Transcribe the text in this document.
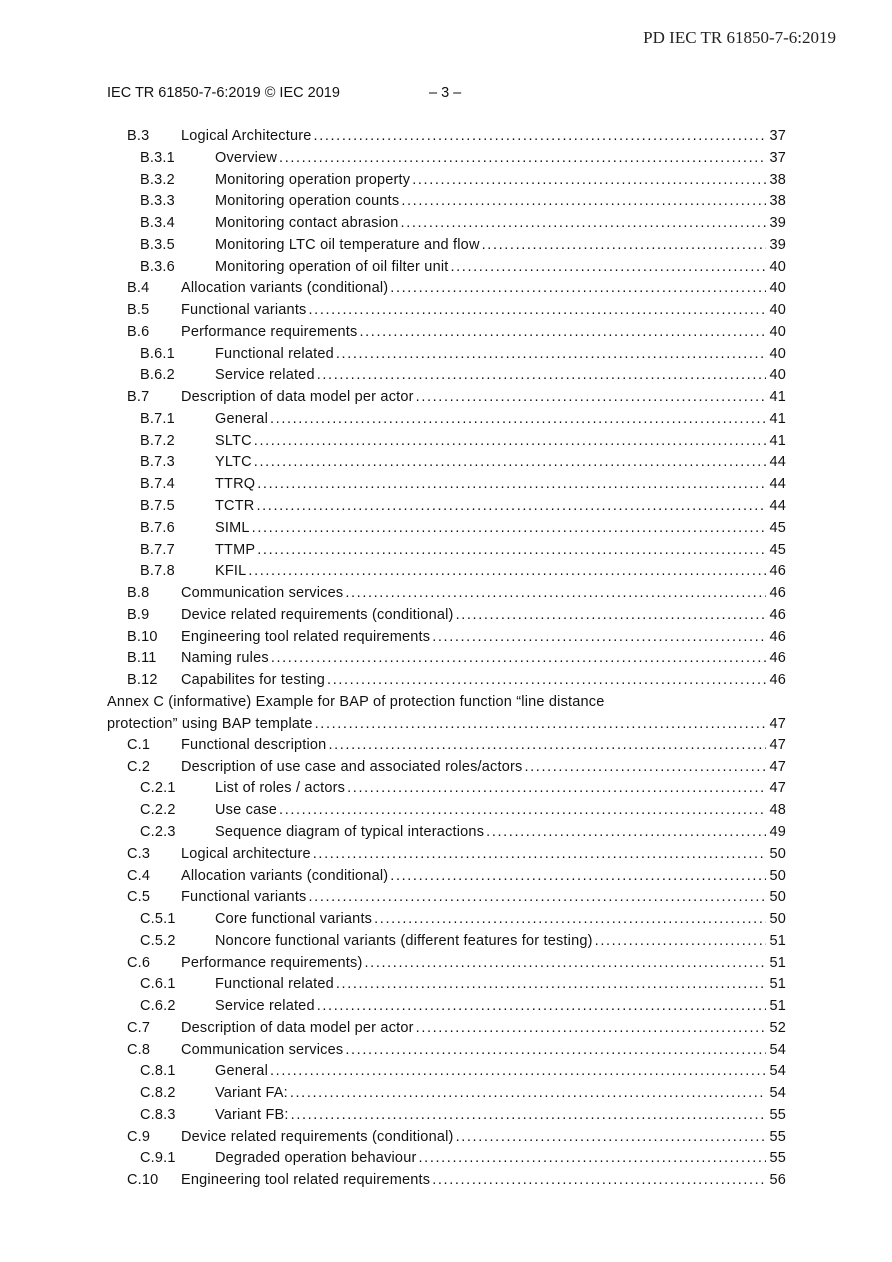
PD IEC TR 61850-7-6:2019
IEC TR 61850-7-6:2019 © IEC 2019	– 3 –
B.3	Logical Architecture . . .	37
B.3.1	Overview . . .	37
B.3.2	Monitoring operation property . . .	38
B.3.3	Monitoring operation counts . . .	38
B.3.4	Monitoring contact abrasion . . .	39
B.3.5	Monitoring LTC oil temperature and flow . . .	39
B.3.6	Monitoring operation of oil filter unit . . .	40
B.4	Allocation variants (conditional) . . .	40
B.5	Functional variants . . .	40
B.6	Performance requirements . . .	40
B.6.1	Functional related . . .	40
B.6.2	Service related . . .	40
B.7	Description of data model per actor . . .	41
B.7.1	General . . .	41
B.7.2	SLTC . . .	41
B.7.3	YLTC . . .	44
B.7.4	TTRQ . . .	44
B.7.5	TCTR . . .	44
B.7.6	SIML . . .	45
B.7.7	TTMP . . .	45
B.7.8	KFIL . . .	46
B.8	Communication services . . .	46
B.9	Device related requirements (conditional) . . .	46
B.10	Engineering tool related requirements . . .	46
B.11	Naming rules . . .	46
B.12	Capabilites for testing . . .	46
Annex C (informative) Example for BAP of protection function “line distance
protection” using BAP template . . .	47
C.1	Functional description . . .	47
C.2	Description of use case and associated roles/actors . . .	47
C.2.1	List of roles / actors . . .	47
C.2.2	Use case . . .	48
C.2.3	Sequence diagram of typical interactions . . .	49
C.3	Logical architecture . . .	50
C.4	Allocation variants (conditional) . . .	50
C.5	Functional variants . . .	50
C.5.1	Core functional variants . . .	50
C.5.2	Noncore functional variants (different features for testing) . . .	51
C.6	Performance requirements) . . .	51
C.6.1	Functional related . . .	51
C.6.2	Service related . . .	51
C.7	Description of data model per actor . . .	52
C.8	Communication services . . .	54
C.8.1	General . . .	54
C.8.2	Variant FA: . . .	54
C.8.3	Variant FB: . . .	55
C.9	Device related requirements (conditional) . . .	55
C.9.1	Degraded operation behaviour . . .	55
C.10	Engineering tool related requirements . . .	56
